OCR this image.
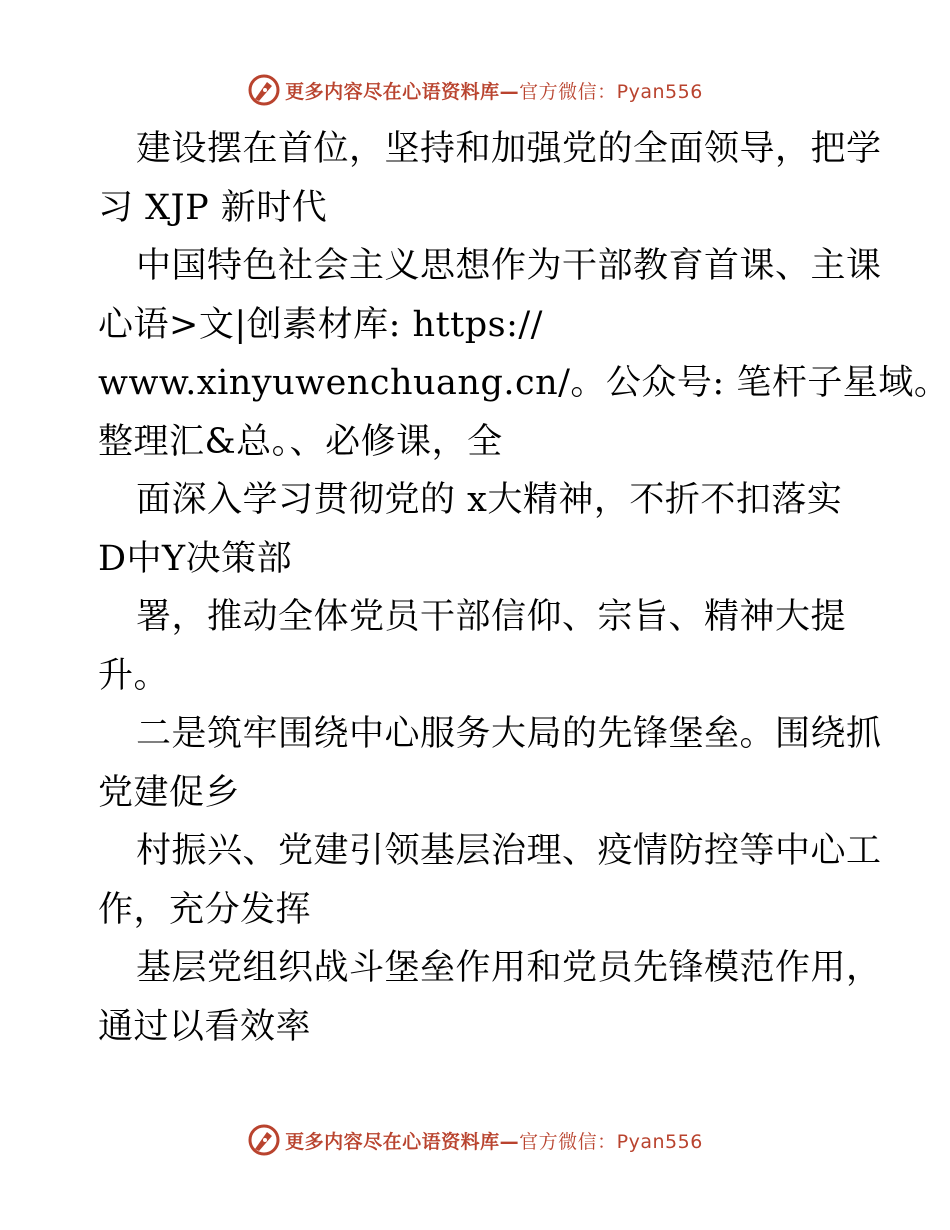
更多内容尽在心语资料库—官方微信：Pyan556
建设摆在首位，坚持和加强党的全面领导，把学
习 XJP 新时代
中国特色社会主义思想作为干部教育首课、主课
心语>文|创素材库: https://
www.xinyuwenchuang.cn/。公众号: 笔杆子星域。
整理汇&总。、必修课，全
面深入学习贯彻党的 x大精神，不折不扣落实
D中Y决策部
署，推动全体党员干部信仰、宗旨、精神大提
升。
二是筑牢围绕中心服务大局的先锋堡垒。围绕抓
党建促乡
村振兴、党建引领基层治理、疫情防控等中心工
作，充分发挥
基层党组织战斗堡垒作用和党员先锋模范作用，
通过以看效率
更多内容尽在心语资料库—官方微信：Pyan556
